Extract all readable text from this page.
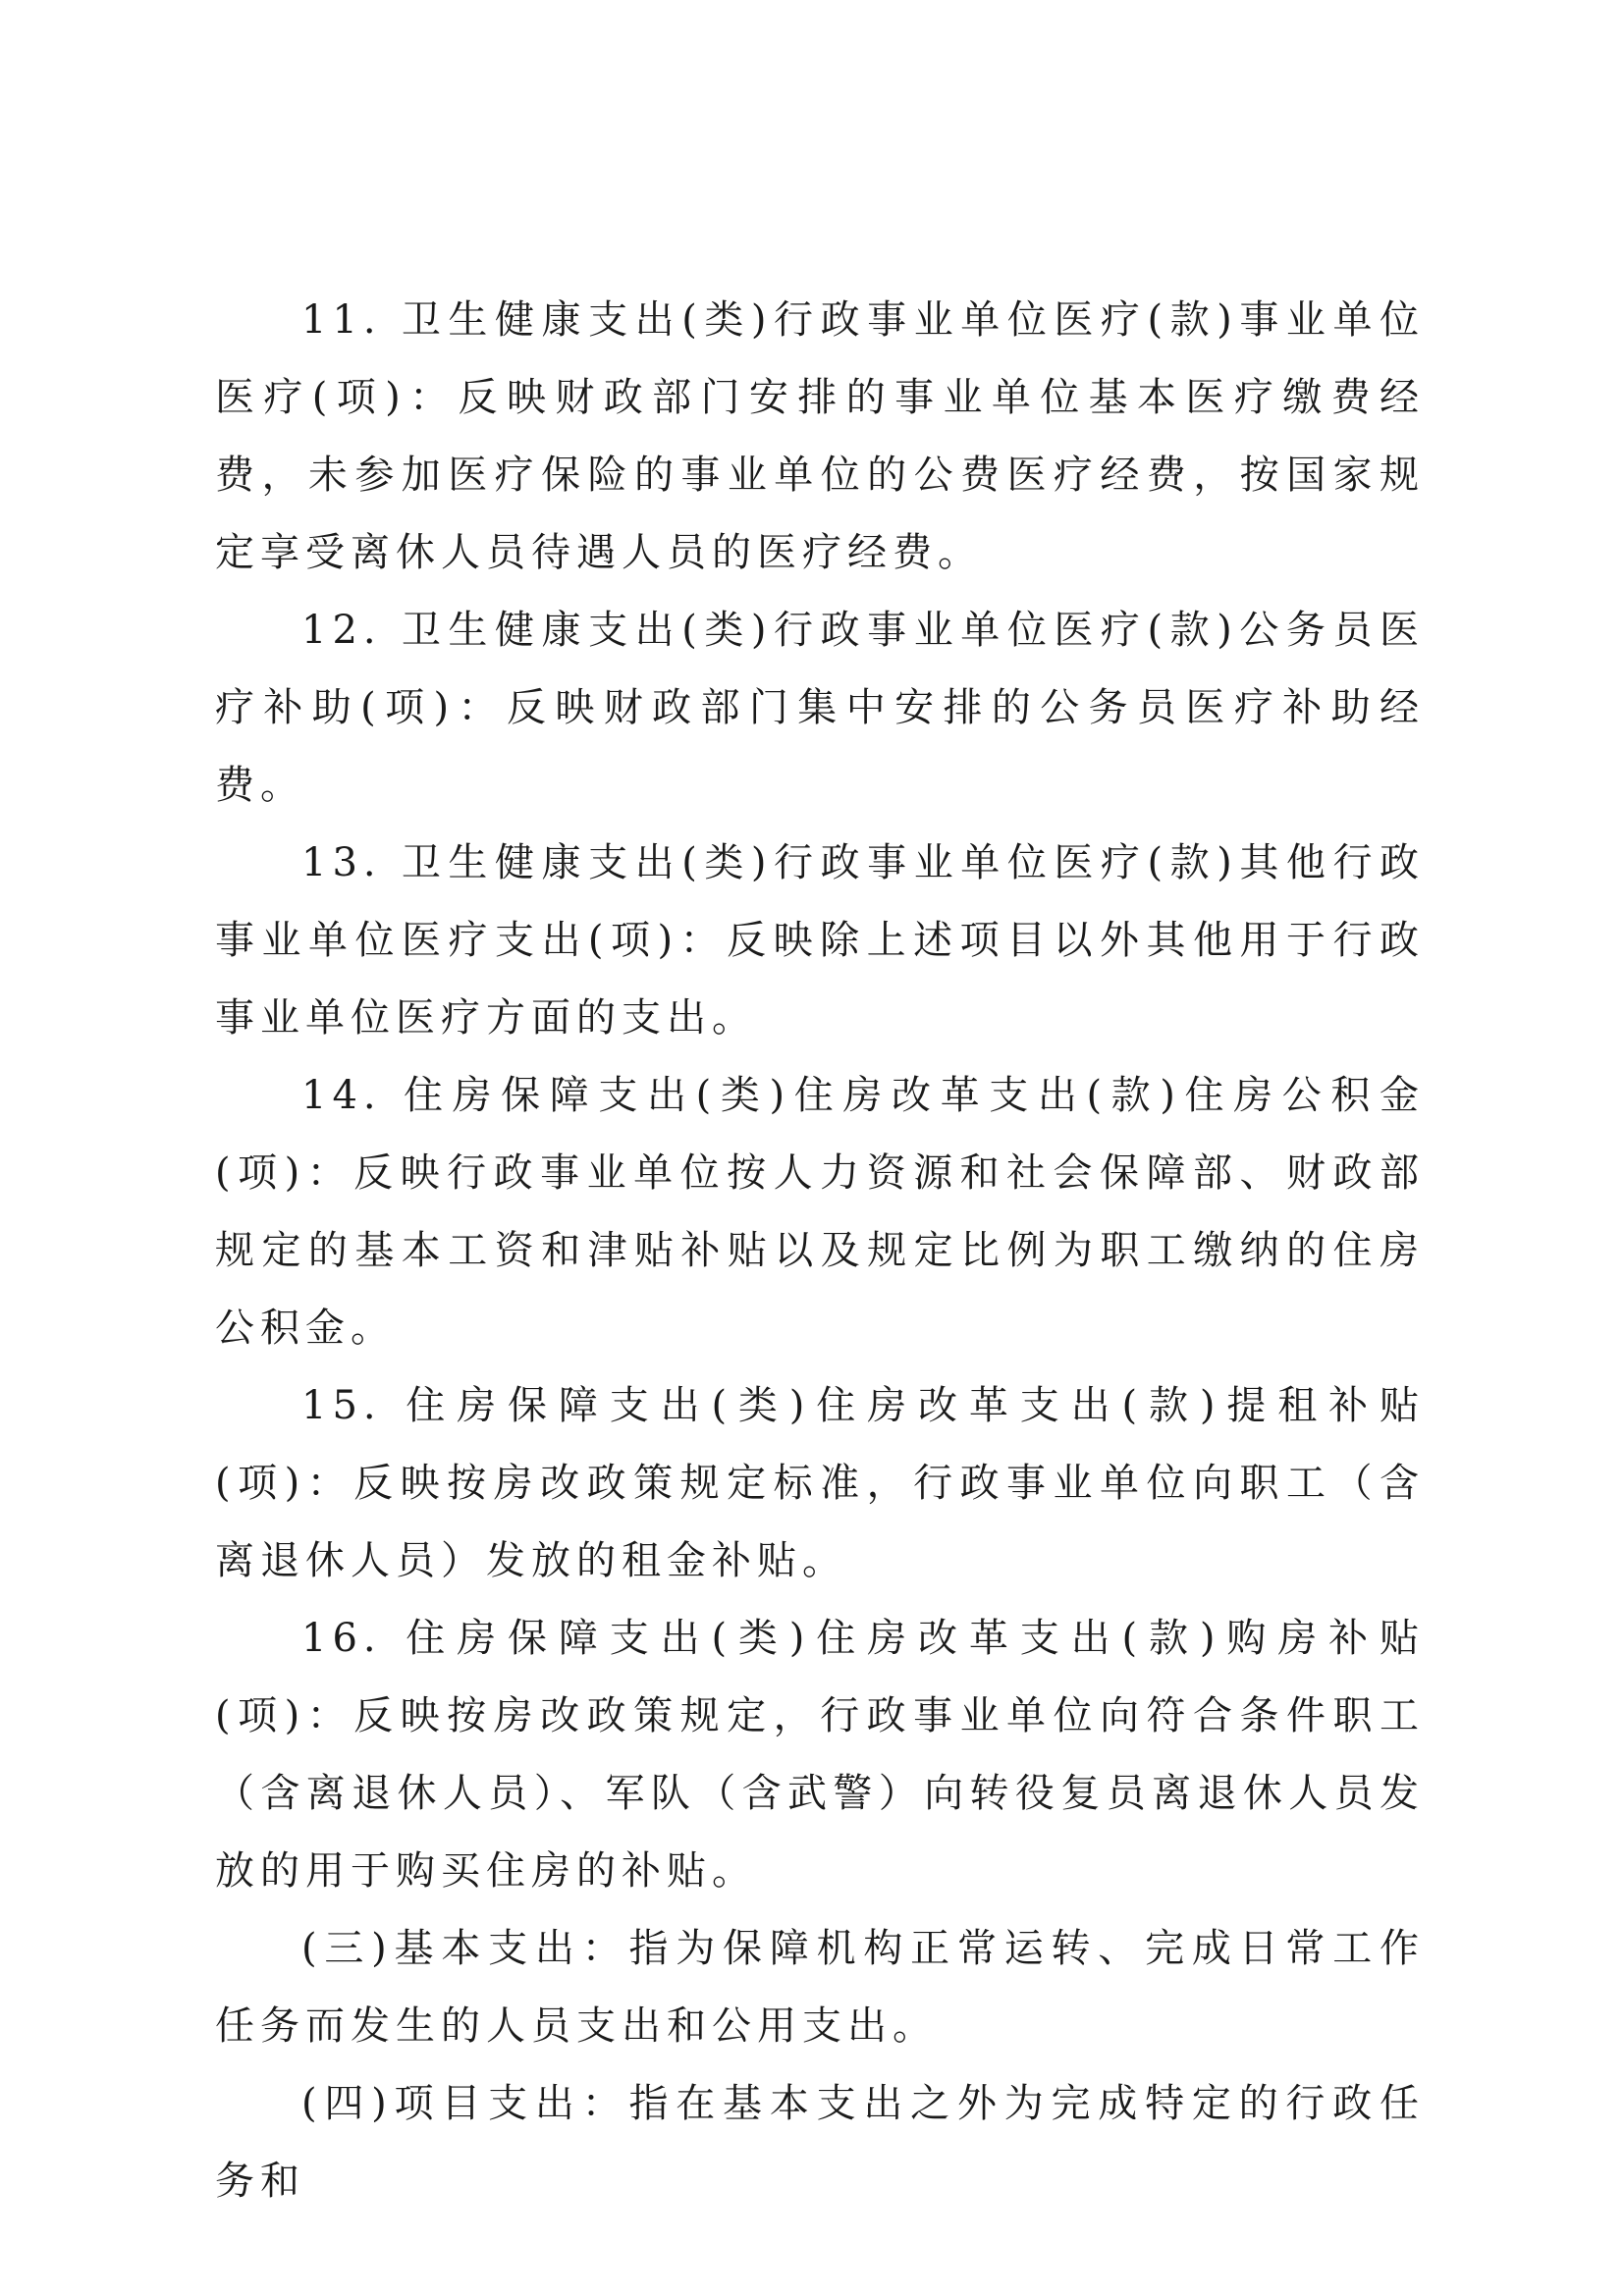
11. 卫生健康支出(类)行政事业单位医疗(款)事业单位医疗(项)：反映财政部门安排的事业单位基本医疗缴费经费，未参加医疗保险的事业单位的公费医疗经费，按国家规定享受离休人员待遇人员的医疗经费。

12. 卫生健康支出(类)行政事业单位医疗(款)公务员医疗补助(项)：反映财政部门集中安排的公务员医疗补助经费。

13. 卫生健康支出(类)行政事业单位医疗(款)其他行政事业单位医疗支出(项)：反映除上述项目以外其他用于行政事业单位医疗方面的支出。

14. 住房保障支出(类)住房改革支出(款)住房公积金(项)：反映行政事业单位按人力资源和社会保障部、财政部规定的基本工资和津贴补贴以及规定比例为职工缴纳的住房公积金。

15. 住房保障支出(类)住房改革支出(款)提租补贴(项)：反映按房改政策规定标准，行政事业单位向职工（含离退休人员）发放的租金补贴。

16. 住房保障支出(类)住房改革支出(款)购房补贴(项)：反映按房改政策规定，行政事业单位向符合条件职工（含离退休人员）、军队（含武警）向转役复员离退休人员发放的用于购买住房的补贴。

(三)基本支出：指为保障机构正常运转、完成日常工作任务而发生的人员支出和公用支出。

(四)项目支出：指在基本支出之外为完成特定的行政任务和
